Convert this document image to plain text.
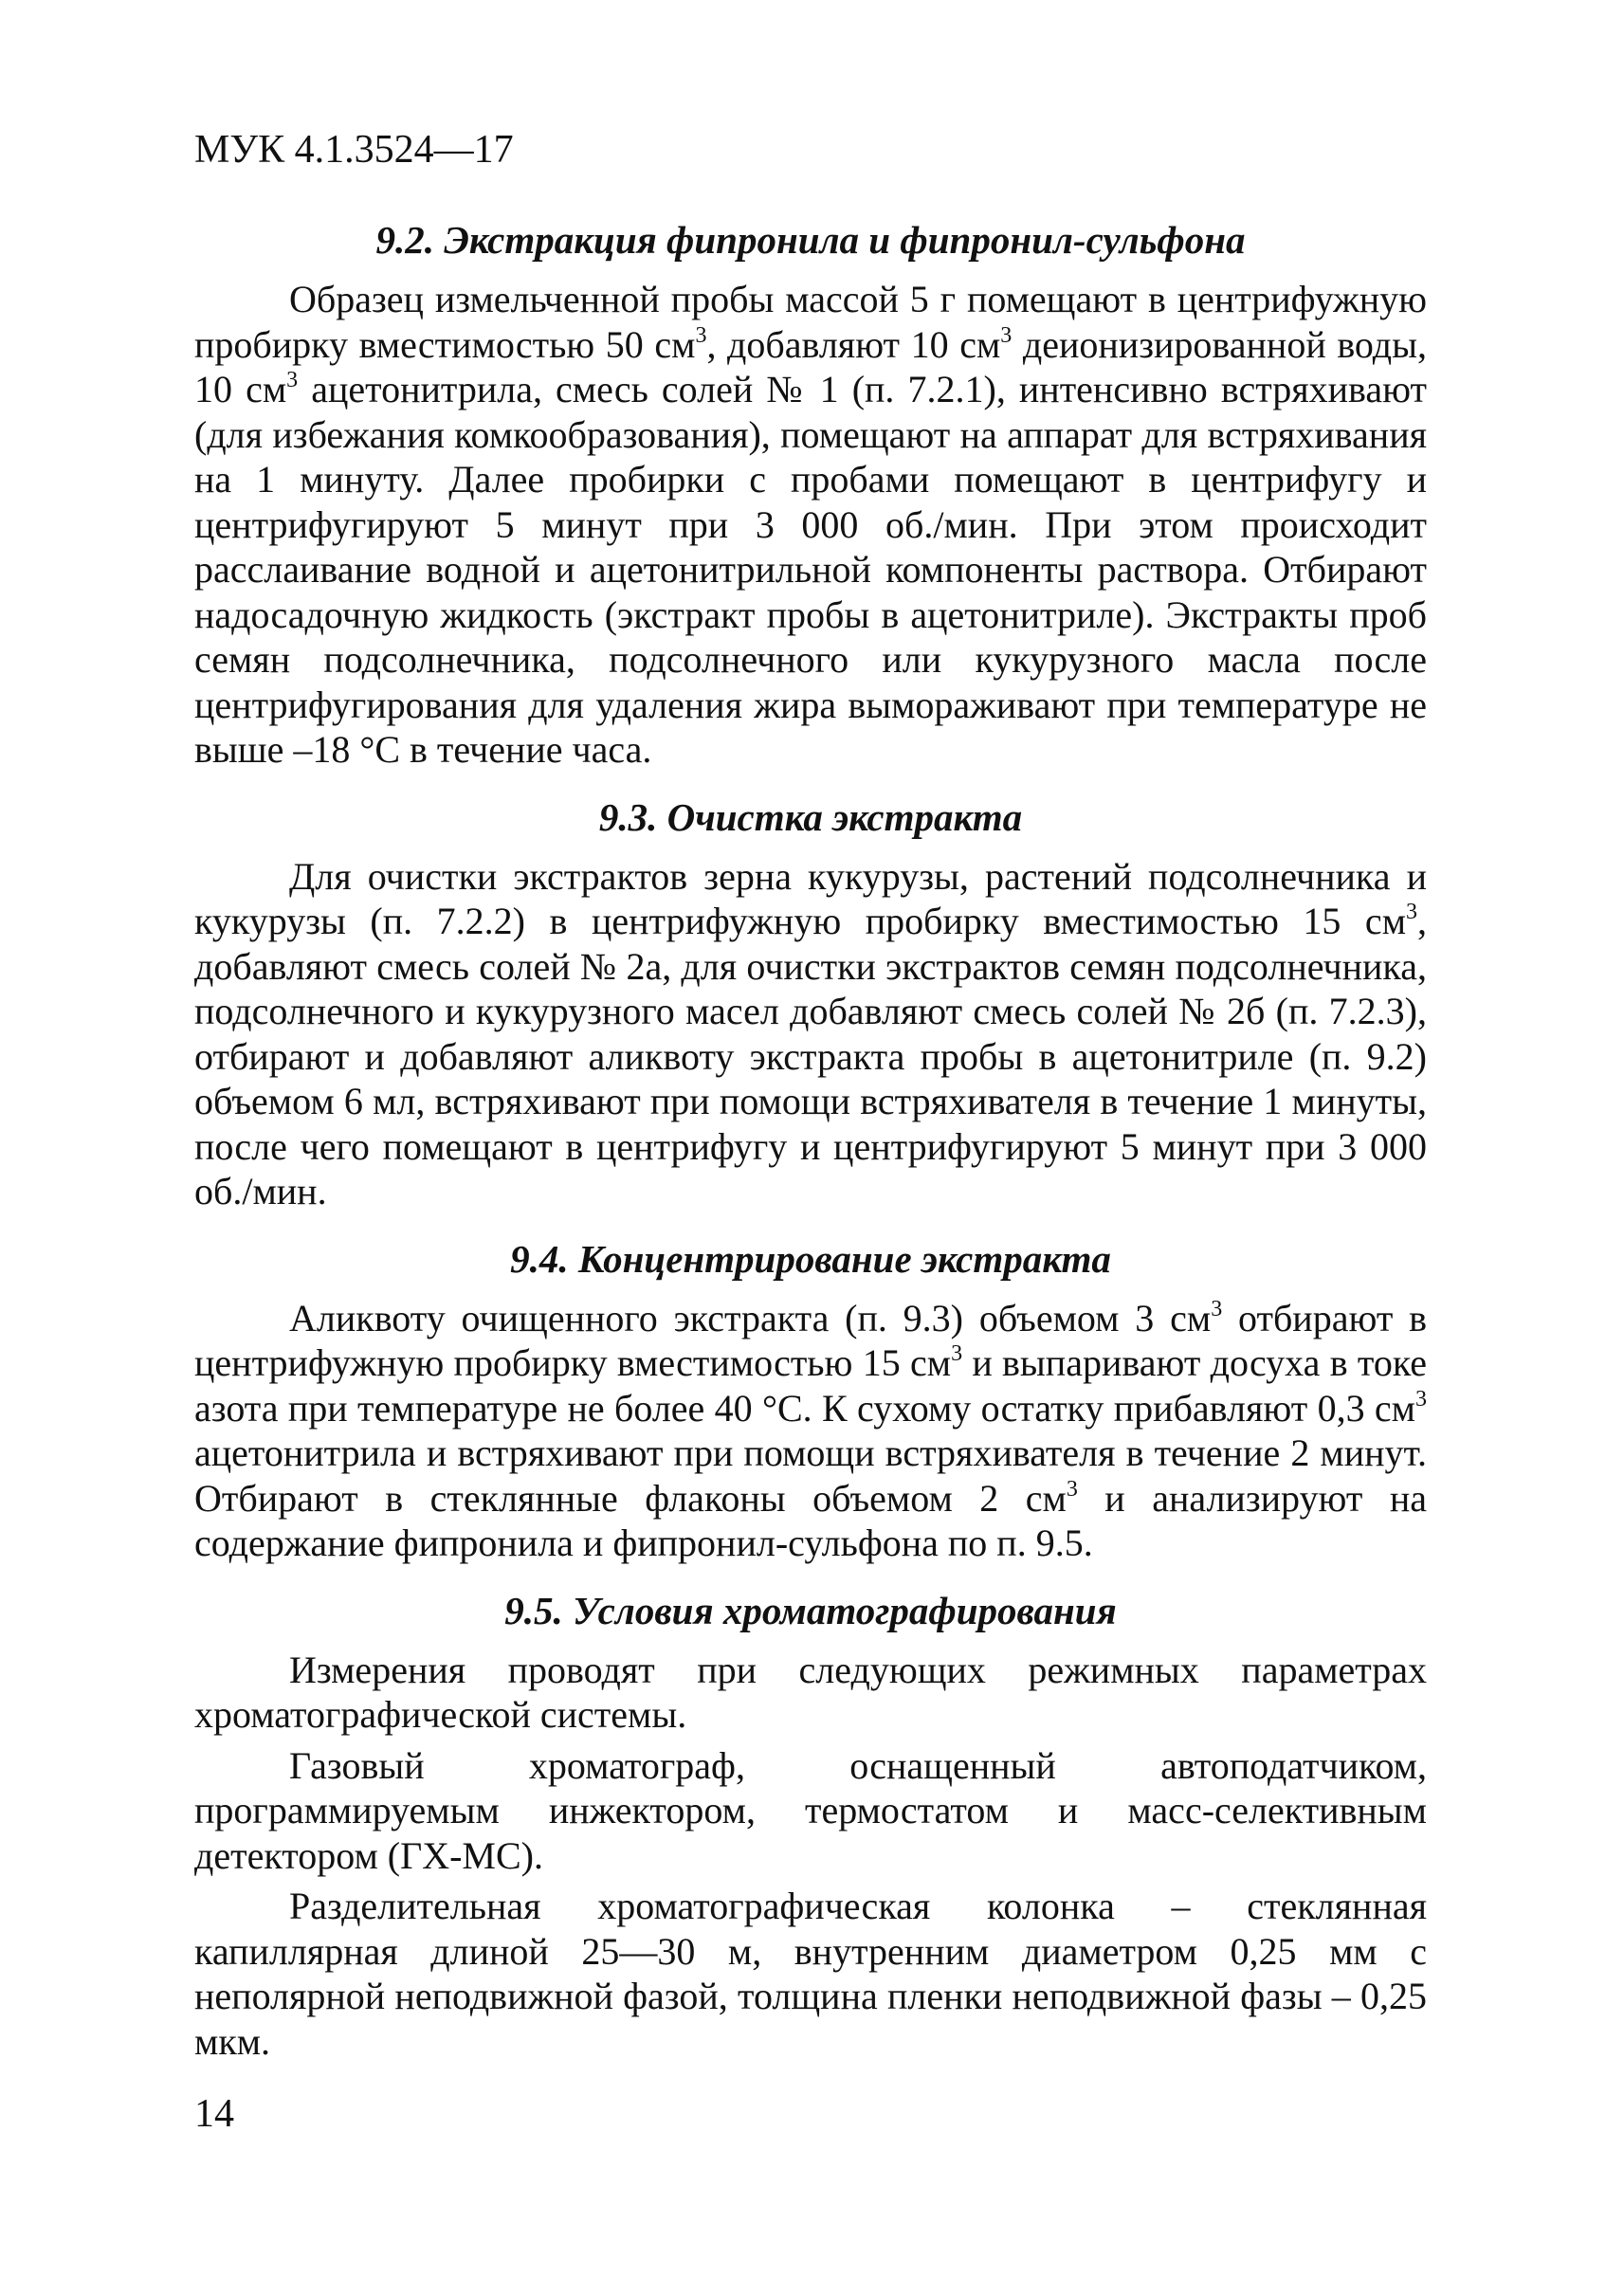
МУК 4.1.3524—17
9.2. Экстракция фипронила и фипронил-сульфона

Образец измельченной пробы массой 5 г помещают в центрифужную пробирку вместимостью 50 $см^3$, добавляют 10 $см^3$ деионизированной воды, 10 $см^3$ ацетонитрила, смесь солей № 1 (п. 7.2.1), интенсивно встряхивают (для избежания комкообразования), помещают на аппарат для встряхивания на 1 минуту. Далее пробирки с пробами помещают в центрифугу и центрифугируют 5 минут при 3 000 об./мин. При этом происходит расслаивание водной и ацетонитрильной компоненты раствора. Отбирают надосадочную жидкость (экстракт пробы в ацетонитриле). Экстракты проб семян подсолнечника, подсолнечного или кукурузного масла после центрифугирования для удаления жира вымораживают при температуре не выше –18 °С в течение часа.

9.3. Очистка экстракта

Для очистки экстрактов зерна кукурузы, растений подсолнечника и кукурузы (п. 7.2.2) в центрифужную пробирку вместимостью 15 $см^3$, добавляют смесь солей № 2а, для очистки экстрактов семян подсолнечника, подсолнечного и кукурузного масел добавляют смесь солей № 2б (п. 7.2.3), отбирают и добавляют аликвоту экстракта пробы в ацетонитриле (п. 9.2) объемом 6 мл, встряхивают при помощи встряхивателя в течение 1 минуты, после чего помещают в центрифугу и центрифугируют 5 минут при 3 000 об./мин.

9.4. Концентрирование экстракта

Аликвоту очищенного экстракта (п. 9.3) объемом 3 $см^3$ отбирают в центрифужную пробирку вместимостью 15 $см^3$ и выпаривают досуха в токе азота при температуре не более 40 °С. К сухому остатку прибавляют 0,3 $см^3$ ацетонитрила и встряхивают при помощи встряхивателя в течение 2 минут. Отбирают в стеклянные флаконы объемом 2 $см^3$ и анализируют на содержание фипронила и фипронил-сульфона по п. 9.5.

9.5. Условия хроматографирования

Измерения проводят при следующих режимных параметрах хроматографической системы.

Газовый хроматограф, оснащенный автоподатчиком, программируемым инжектором, термостатом и масс-селективным детектором (ГХ-МС).

Разделительная хроматографическая колонка – стеклянная капиллярная длиной 25—30 м, внутренним диаметром 0,25 мм с неполярной неподвижной фазой, толщина пленки неподвижной фазы – 0,25 мкм.

14
